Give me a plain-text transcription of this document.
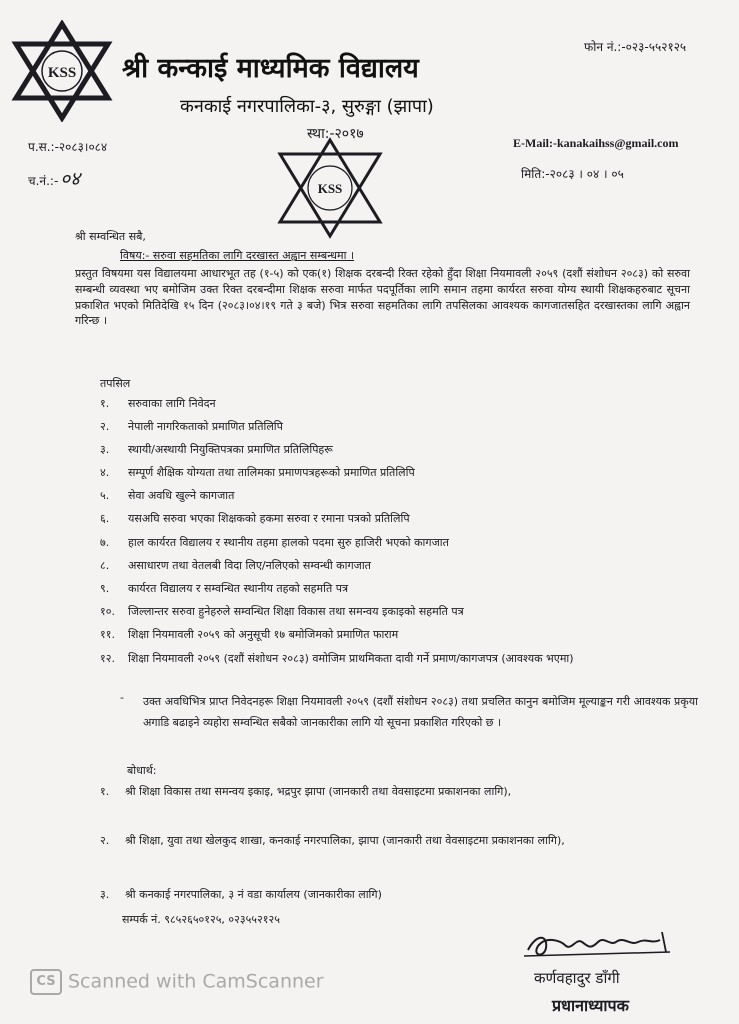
KSS
फोन नं.:-०२३-५५२१२५
श्री कन्काई माध्यमिक विद्यालय
कनकाई नगरपालिका-३, सुरुङ्गा (झापा)
स्था:-२०१७
E-Mail:-kanakaihss@gmail.com
KSS
प.स.:-२०८३।०८४
च.नं.:- ०४	मिति:-२०८३ । ०४ । ०५
श्री सम्वन्धित सबै,
विषय:- सरुवा सहमतिका लागि दरखास्त अह्वान सम्बन्धमा ।
प्रस्तुत विषयमा यस विद्यालयमा आधारभूत तह (१-५) को एक(१) शिक्षक दरबन्दी रिक्त रहेको हुँदा शिक्षा नियमावली २०५९ (दशौं संशोधन २०८३) को सरुवा सम्बन्धी व्यवस्था भए बमोजिम उक्त रिक्त दरबन्दीमा शिक्षक सरुवा मार्फत पदपूर्तिका लागि समान तहमा कार्यरत सरुवा योग्य स्थायी शिक्षकहरुबाट सूचना प्रकाशित भएको मितिदेखि १५ दिन (२०८३।०४।१९ गते ३ बजे) भित्र सरुवा सहमतिका लागि तपसिलका आवश्यक कागजातसहित दरखास्तका लागि अह्वान गरिन्छ ।
तपसिल
१. सरुवाका लागि निवेदन
२. नेपाली नागरिकताको प्रमाणित प्रतिलिपि
३. स्थायी/अस्थायी नियुक्तिपत्रका प्रमाणित प्रतिलिपिहरू
४. सम्पूर्ण शैक्षिक योग्यता तथा तालिमका प्रमाणपत्रहरूको प्रमाणित प्रतिलिपि
५. सेवा अवधि खुल्ने कागजात
६. यसअघि सरुवा भएका शिक्षकको हकमा सरुवा र रमाना पत्रको प्रतिलिपि
७. हाल कार्यरत विद्यालय र स्थानीय तहमा हालको पदमा सुरु हाजिरी भएको कागजात
८. असाधारण तथा वेतलबी विदा लिए/नलिएको सम्वन्धी कागजात
९. कार्यरत विद्यालय र सम्वन्धित स्थानीय तहको सहमति पत्र
१०. जिल्लान्तर सरुवा हुनेहरुले सम्वन्धित शिक्षा विकास तथा समन्वय इकाइको सहमति पत्र
११. शिक्षा नियमावली २०५९ को अनुसूची १७ बमोजिमको प्रमाणित फाराम
१२. शिक्षा नियमावली २०५९ (दशौं संशोधन २०८३) वमोजिम प्राथमिकता दावी गर्ने प्रमाण/कागजपत्र (आवश्यक भएमा)
- उक्त अवधिभित्र प्राप्त निवेदनहरू शिक्षा नियमावली २०५९ (दशौं संशोधन २०८३) तथा प्रचलित कानुन बमोजिम मूल्याङ्कन गरी आवश्यक प्रकृया अगाडि बढाइने व्यहोरा सम्वन्धित सबैको जानकारीका लागि यो सूचना प्रकाशित गरिएको छ ।
बोधार्थ:
१. श्री शिक्षा विकास तथा समन्वय इकाइ, भद्रपुर झापा (जानकारी तथा वेवसाइटमा प्रकाशनका लागि),
२. श्री शिक्षा, युवा तथा खेलकुद शाखा, कनकाई नगरपालिका, झापा (जानकारी तथा वेवसाइटमा प्रकाशनका लागि),
३. श्री कनकाई नगरपालिका, ३ नं वडा कार्यालय (जानकारीका लागि)
सम्पर्क नं. ९८५२६५०१२५, ०२३५५२१२५
कर्णवहादुर डाँगी
प्रधानाध्यापक
CS Scanned with CamScanner
